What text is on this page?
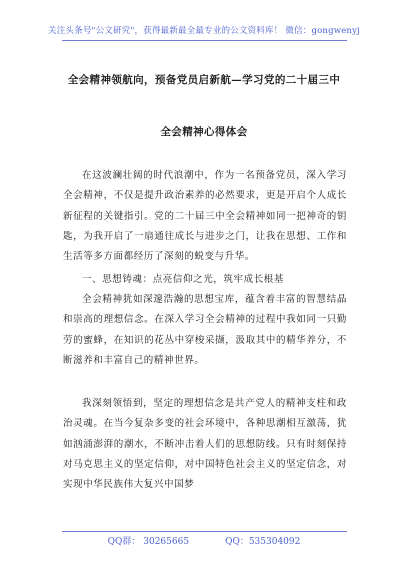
关注头条号"公文研究"，获得最新最全最专业的公文资料库！ 微信：gongwenyj
全会精神领航向，预备党员启新航—学习党的二十届三中
全会精神心得体会
在这波澜壮阔的时代浪潮中，作为一名预备党员，深入学习全会精神，不仅是提升政治素养的必然要求，更是开启个人成长新征程的关键指引。党的二十届三中全会精神如同一把神奇的钥匙，为我开启了一扇通往成长与进步之门，让我在思想、工作和生活等多方面都经历了深刻的蜕变与升华。
一、思想铸魂：点亮信仰之光，筑牢成长根基
全会精神犹如深邃浩瀚的思想宝库，蕴含着丰富的智慧结晶和崇高的理想信念。在深入学习全会精神的过程中我如同一只勤劳的蜜蜂，在知识的花丛中穿梭采撷，汲取其中的精华养分，不断滋养和丰富自己的精神世界。
我深刻领悟到，坚定的理想信念是共产党人的精神支柱和政治灵魂。在当今复杂多变的社会环境中，各种思潮相互激荡，犹如汹涌澎湃的潮水，不断冲击着人们的思想防线。只有时刻保持对马克思主义的坚定信仰，对中国特色社会主义的坚定信念，对实现中华民族伟大复兴中国梦
QQ群： 30265665　　　　QQ：535304092
